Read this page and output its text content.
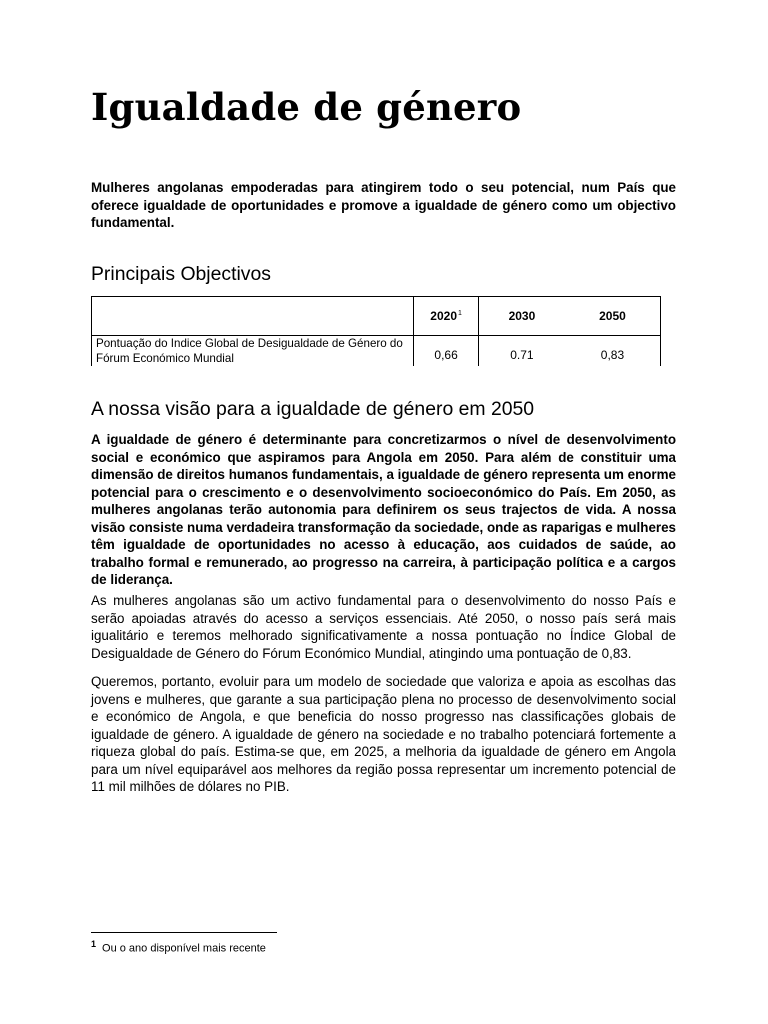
Igualdade de género

Mulheres angolanas empoderadas para atingirem todo o seu potencial, num País que oferece igualdade de oportunidades e promove a igualdade de género como um objectivo fundamental.

Principais Objectivos
	2020$^1$	2030	2050
Pontuação do Indice Global de Desigualdade de Género do Fórum Económico Mundial	0,66	0.71	0,83
A nossa visão para a igualdade de género em 2050

A igualdade de género é determinante para concretizarmos o nível de desenvolvimento social e económico que aspiramos para Angola em 2050. Para além de constituir uma dimensão de direitos humanos fundamentais, a igualdade de género representa um enorme potencial para o crescimento e o desenvolvimento socioeconómico do País. Em 2050, as mulheres angolanas terão autonomia para definirem os seus trajectos de vida. A nossa visão consiste numa verdadeira transformação da sociedade, onde as raparigas e mulheres têm igualdade de oportunidades no acesso à educação, aos cuidados de saúde, ao trabalho formal e remunerado, ao progresso na carreira, à participação política e a cargos de liderança.

As mulheres angolanas são um activo fundamental para o desenvolvimento do nosso País e serão apoiadas através do acesso a serviços essenciais. Até 2050, o nosso país será mais igualitário e teremos melhorado significativamente a nossa pontuação no Índice Global de Desigualdade de Género do Fórum Económico Mundial, atingindo uma pontuação de 0,83.

Queremos, portanto, evoluir para um modelo de sociedade que valoriza e apoia as escolhas das jovens e mulheres, que garante a sua participação plena no processo de desenvolvimento social e económico de Angola, e que beneficia do nosso progresso nas classificações globais de igualdade de género. A igualdade de género na sociedade e no trabalho potenciará fortemente a riqueza global do país. Estima-se que, em 2025, a melhoria da igualdade de género em Angola para um nível equiparável aos melhores da região possa representar um incremento potencial de 11 mil milhões de dólares no PIB.

$^1$ Ou o ano disponível mais recente
